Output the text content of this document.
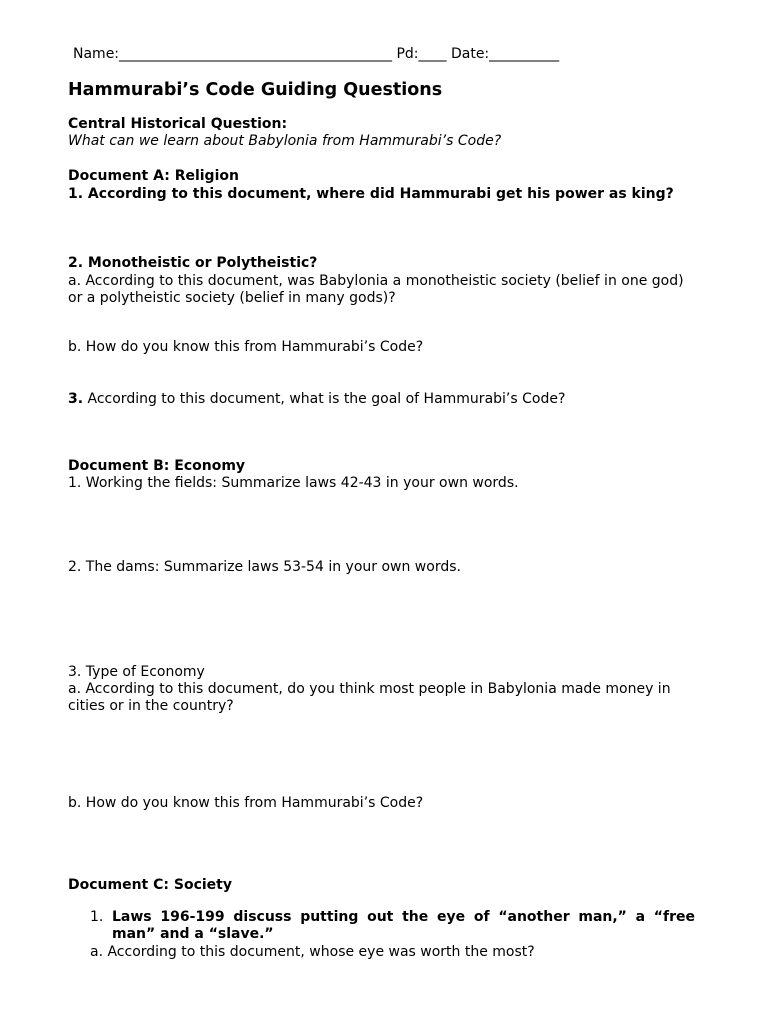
Name:_______________________________________ Pd:____ Date:__________
Hammurabi’s Code Guiding Questions
Central Historical Question:
What can we learn about Babylonia from Hammurabi’s Code?
Document A: Religion
1. According to this document, where did Hammurabi get his power as king?
2. Monotheistic or Polytheistic?
a. According to this document, was Babylonia a monotheistic society (belief in one god) or a polytheistic society (belief in many gods)?
b. How do you know this from Hammurabi’s Code?
3. According to this document, what is the goal of Hammurabi’s Code?
Document B: Economy
1. Working the fields: Summarize laws 42-43 in your own words.
2. The dams: Summarize laws 53-54 in your own words.
3. Type of Economy
a. According to this document, do you think most people in Babylonia made money in cities or in the country?
b. How do you know this from Hammurabi’s Code?
Document C: Society
1. Laws 196-199 discuss putting out the eye of “another man,” a “free man” and a “slave.”
a. According to this document, whose eye was worth the most?
